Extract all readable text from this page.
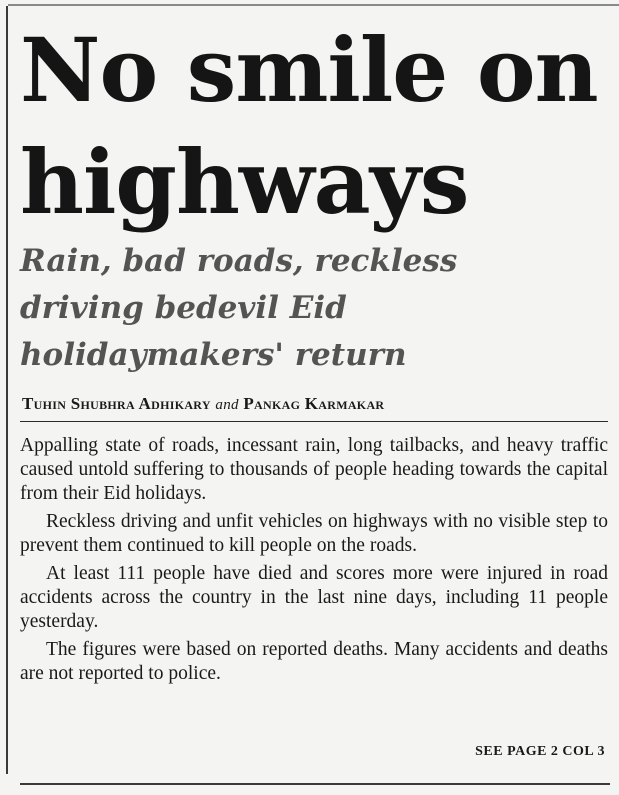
No smile on
highways
Rain, bad roads, reckless
driving bedevil Eid
holidaymakers' return
Tuhin Shubhra Adhikary and Pankag Karmakar

Appalling state of roads, incessant rain, long tailbacks, and heavy traffic caused untold suffering to thousands of people heading towards the capital from their Eid holidays.

Reckless driving and unfit vehicles on highways with no visible step to prevent them continued to kill people on the roads.

At least 111 people have died and scores more were injured in road accidents across the country in the last nine days, including 11 people yesterday.

The figures were based on reported deaths. Many accidents and deaths are not reported to police.

SEE PAGE 2 COL 3
